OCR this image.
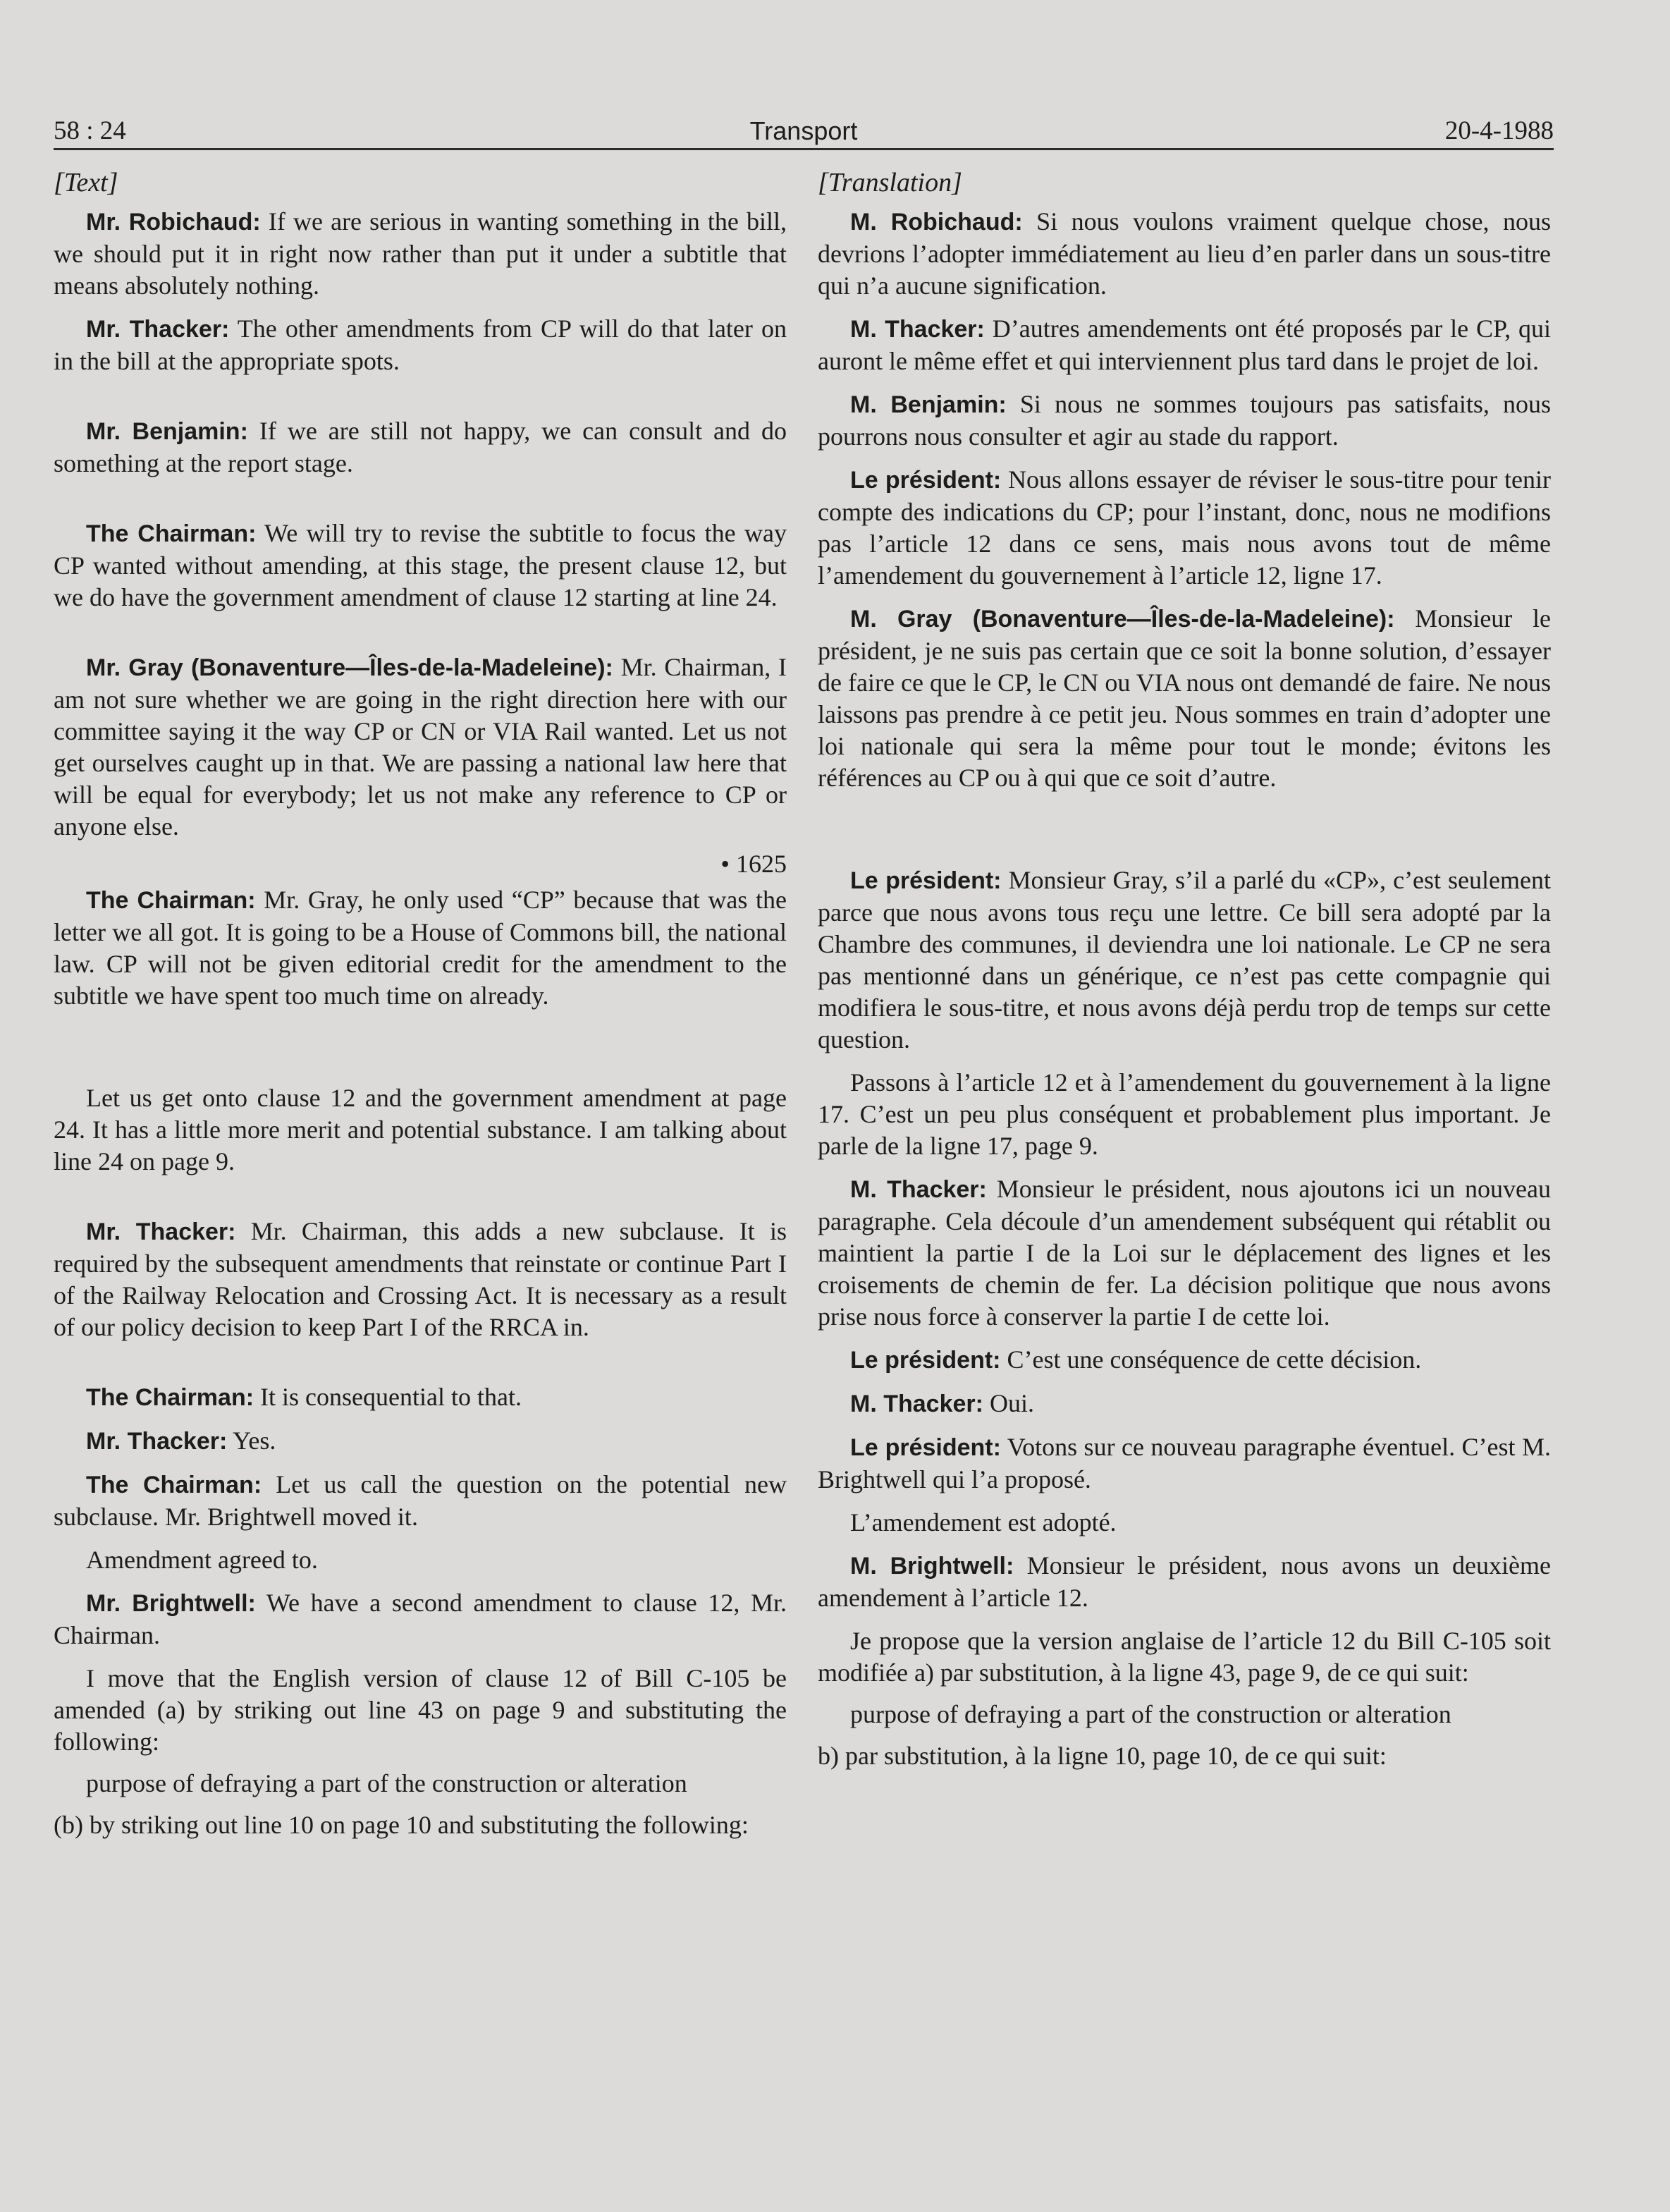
58 : 24	Transport	20-4-1988

[Text]

Mr. Robichaud: If we are serious in wanting something in the bill, we should put it in right now rather than put it under a subtitle that means absolutely nothing.

Mr. Thacker: The other amendments from CP will do that later on in the bill at the appropriate spots.

Mr. Benjamin: If we are still not happy, we can consult and do something at the report stage.

The Chairman: We will try to revise the subtitle to focus the way CP wanted without amending, at this stage, the present clause 12, but we do have the government amendment of clause 12 starting at line 24.

Mr. Gray (Bonaventure—Îles-de-la-Madeleine): Mr. Chairman, I am not sure whether we are going in the right direction here with our committee saying it the way CP or CN or VIA Rail wanted. Let us not get ourselves caught up in that. We are passing a national law here that will be equal for everybody; let us not make any reference to CP or anyone else.

• 1625

The Chairman: Mr. Gray, he only used “CP” because that was the letter we all got. It is going to be a House of Commons bill, the national law. CP will not be given editorial credit for the amendment to the subtitle we have spent too much time on already.

Let us get onto clause 12 and the government amendment at page 24. It has a little more merit and potential substance. I am talking about line 24 on page 9.

Mr. Thacker: Mr. Chairman, this adds a new subclause. It is required by the subsequent amendments that reinstate or continue Part I of the Railway Relocation and Crossing Act. It is necessary as a result of our policy decision to keep Part I of the RRCA in.

The Chairman: It is consequential to that.

Mr. Thacker: Yes.

The Chairman: Let us call the question on the potential new subclause. Mr. Brightwell moved it.

Amendment agreed to.

Mr. Brightwell: We have a second amendment to clause 12, Mr. Chairman.

I move that the English version of clause 12 of Bill C-105 be amended (a) by striking out line 43 on page 9 and substituting the following:

purpose of defraying a part of the construction or alteration

(b) by striking out line 10 on page 10 and substituting the following:

[Translation]

M. Robichaud: Si nous voulons vraiment quelque chose, nous devrions l’adopter immédiatement au lieu d’en parler dans un sous-titre qui n’a aucune signification.

M. Thacker: D’autres amendements ont été proposés par le CP, qui auront le même effet et qui interviennent plus tard dans le projet de loi.

M. Benjamin: Si nous ne sommes toujours pas satisfaits, nous pourrons nous consulter et agir au stade du rapport.

Le président: Nous allons essayer de réviser le sous-titre pour tenir compte des indications du CP; pour l’instant, donc, nous ne modifions pas l’article 12 dans ce sens, mais nous avons tout de même l’amendement du gouvernement à l’article 12, ligne 17.

M. Gray (Bonaventure—Îles-de-la-Madeleine): Monsieur le président, je ne suis pas certain que ce soit la bonne solution, d’essayer de faire ce que le CP, le CN ou VIA nous ont demandé de faire. Ne nous laissons pas prendre à ce petit jeu. Nous sommes en train d’adopter une loi nationale qui sera la même pour tout le monde; évitons les références au CP ou à qui que ce soit d’autre.

Le président: Monsieur Gray, s’il a parlé du «CP», c’est seulement parce que nous avons tous reçu une lettre. Ce bill sera adopté par la Chambre des communes, il deviendra une loi nationale. Le CP ne sera pas mentionné dans un générique, ce n’est pas cette compagnie qui modifiera le sous-titre, et nous avons déjà perdu trop de temps sur cette question.

Passons à l’article 12 et à l’amendement du gouvernement à la ligne 17. C’est un peu plus conséquent et probablement plus important. Je parle de la ligne 17, page 9.

M. Thacker: Monsieur le président, nous ajoutons ici un nouveau paragraphe. Cela découle d’un amendement subséquent qui rétablit ou maintient la partie I de la Loi sur le déplacement des lignes et les croisements de chemin de fer. La décision politique que nous avons prise nous force à conserver la partie I de cette loi.

Le président: C’est une conséquence de cette décision.

M. Thacker: Oui.

Le président: Votons sur ce nouveau paragraphe éventuel. C’est M. Brightwell qui l’a proposé.

L’amendement est adopté.

M. Brightwell: Monsieur le président, nous avons un deuxième amendement à l’article 12.

Je propose que la version anglaise de l’article 12 du Bill C-105 soit modifiée a) par substitution, à la ligne 43, page 9, de ce qui suit:

purpose of defraying a part of the construction or alteration

b) par substitution, à la ligne 10, page 10, de ce qui suit:
